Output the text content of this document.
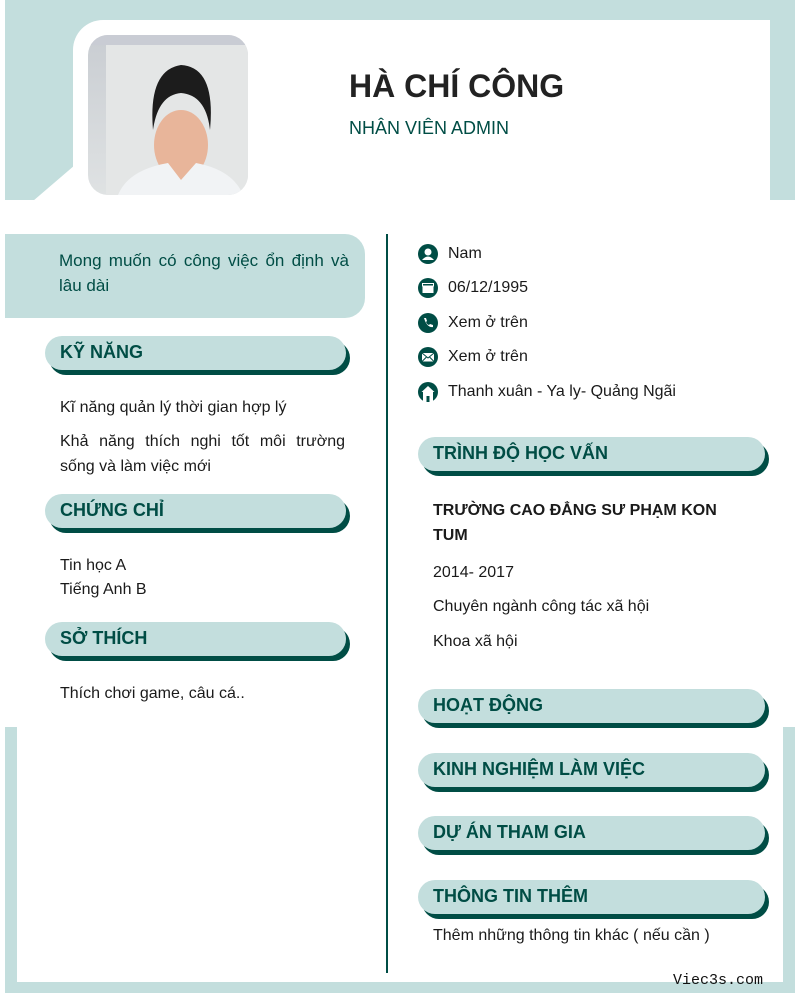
HÀ CHÍ CÔNG
NHÂN VIÊN ADMIN
Mong muốn có công việc ổn định và lâu dài
KỸ NĂNG
Kĩ năng quản lý thời gian hợp lý
Khả năng thích nghi tốt môi trường sống và làm việc mới
CHỨNG CHỈ
Tin học A
Tiếng Anh B
SỞ THÍCH
Thích chơi game, câu cá..
Nam
06/12/1995
Xem ở trên
Xem ở trên
Thanh xuân - Ya ly- Quảng Ngãi
TRÌNH ĐỘ HỌC VẤN
TRƯỜNG CAO ĐẲNG SƯ PHẠM KON TUM
2014- 2017
Chuyên ngành công tác xã hội
Khoa xã hội
HOẠT ĐỘNG
KINH NGHIỆM LÀM VIỆC
DỰ ÁN THAM GIA
THÔNG TIN THÊM
Thêm những thông tin khác ( nếu cần )
Viec3s.com
